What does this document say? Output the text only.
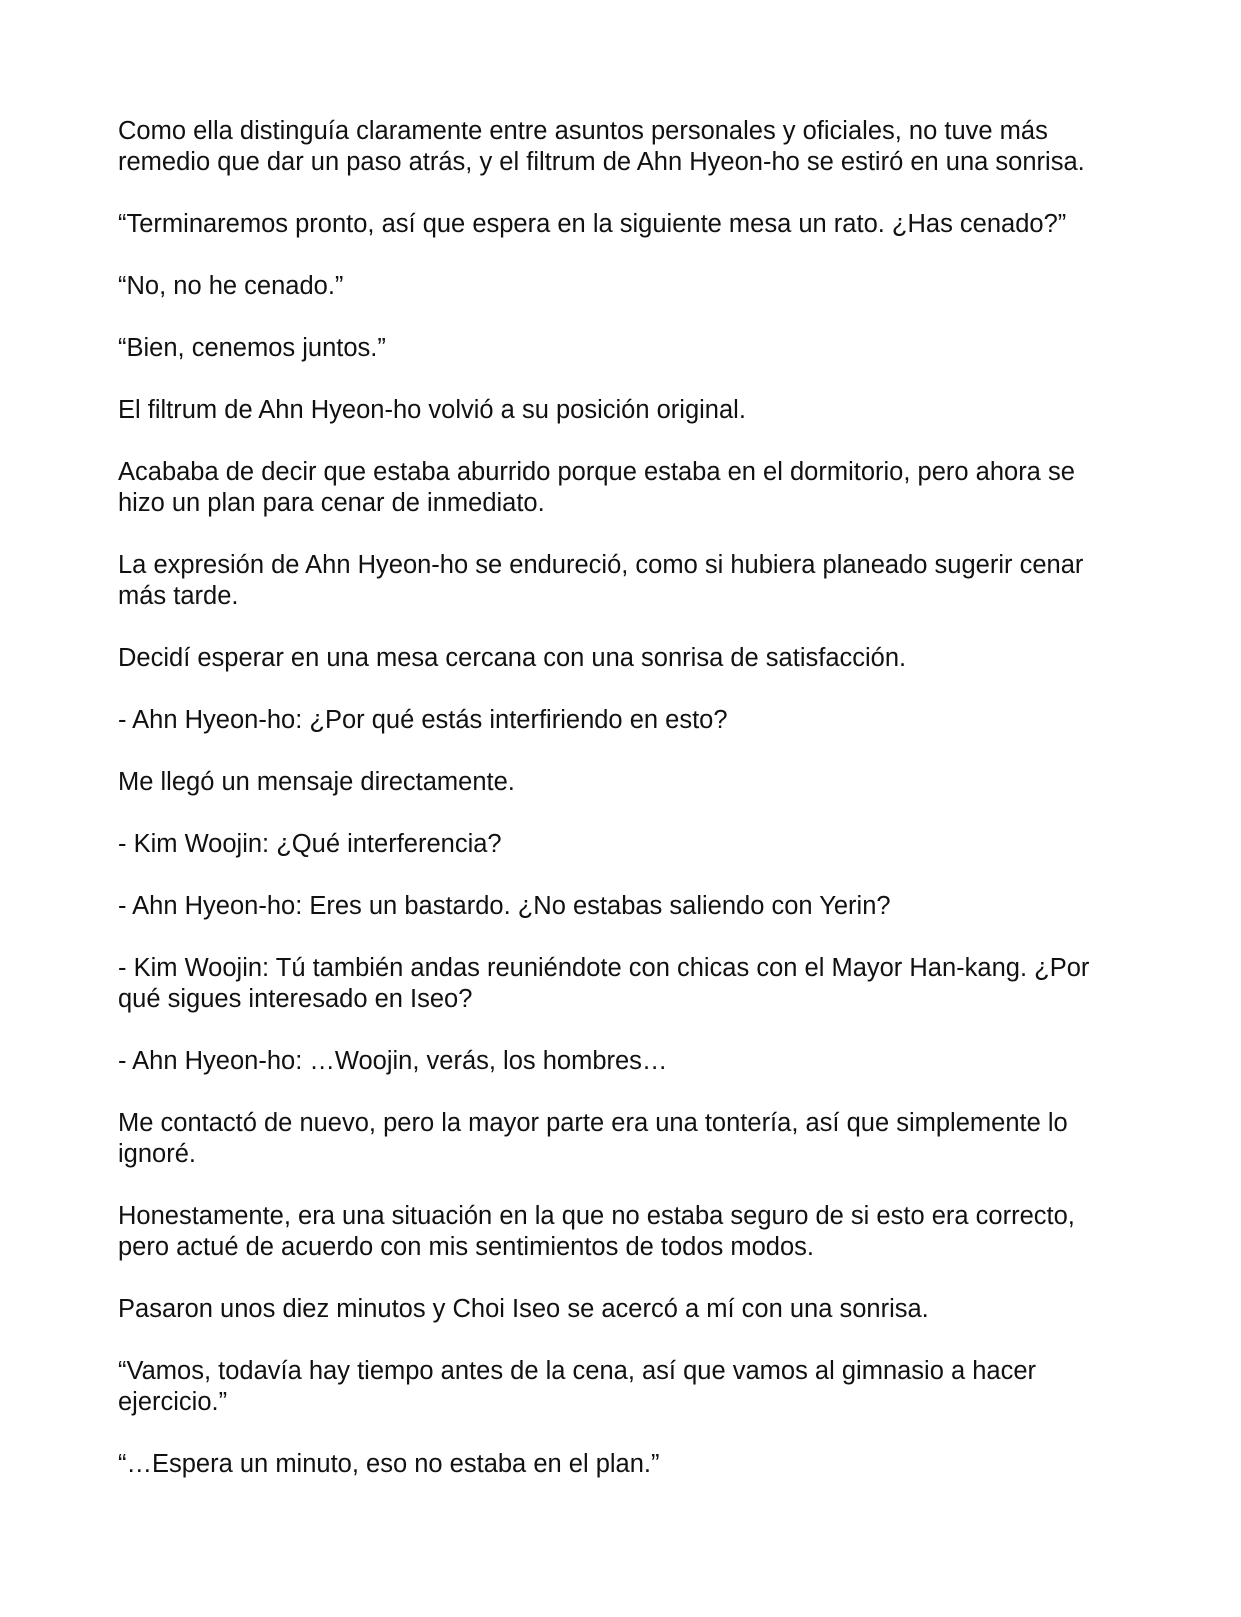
Como ella distinguía claramente entre asuntos personales y oficiales, no tuve más remedio que dar un paso atrás, y el filtrum de Ahn Hyeon-ho se estiró en una sonrisa.

“Terminaremos pronto, así que espera en la siguiente mesa un rato. ¿Has cenado?”

“No, no he cenado.”

“Bien, cenemos juntos.”

El filtrum de Ahn Hyeon-ho volvió a su posición original.

Acababa de decir que estaba aburrido porque estaba en el dormitorio, pero ahora se hizo un plan para cenar de inmediato.

La expresión de Ahn Hyeon-ho se endureció, como si hubiera planeado sugerir cenar más tarde.

Decidí esperar en una mesa cercana con una sonrisa de satisfacción.

- Ahn Hyeon-ho: ¿Por qué estás interfiriendo en esto?

Me llegó un mensaje directamente.

- Kim Woojin: ¿Qué interferencia?

- Ahn Hyeon-ho: Eres un bastardo. ¿No estabas saliendo con Yerin?

- Kim Woojin: Tú también andas reuniéndote con chicas con el Mayor Han-kang. ¿Por qué sigues interesado en Iseo?

- Ahn Hyeon-ho: …Woojin, verás, los hombres…

Me contactó de nuevo, pero la mayor parte era una tontería, así que simplemente lo ignoré.

Honestamente, era una situación en la que no estaba seguro de si esto era correcto, pero actué de acuerdo con mis sentimientos de todos modos.

Pasaron unos diez minutos y Choi Iseo se acercó a mí con una sonrisa.

“Vamos, todavía hay tiempo antes de la cena, así que vamos al gimnasio a hacer ejercicio.”

“…Espera un minuto, eso no estaba en el plan.”
